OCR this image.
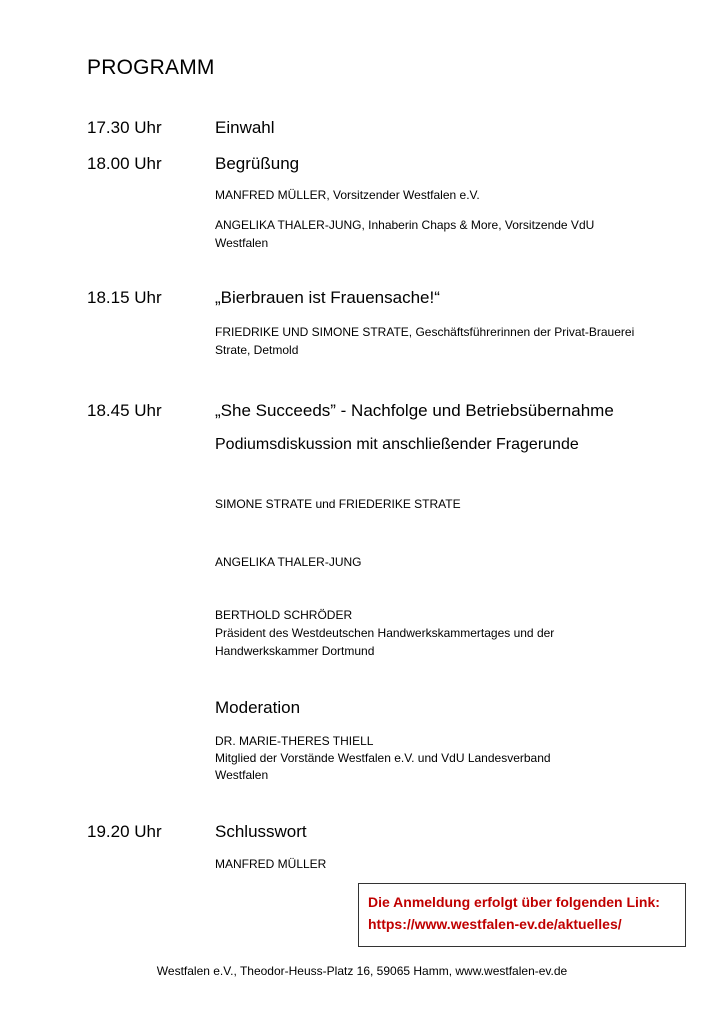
PROGRAMM
17.30 Uhr	Einwahl
18.00 Uhr	Begrüßung
MANFRED MÜLLER, Vorsitzender Westfalen e.V.
ANGELIKA THALER-JUNG, Inhaberin Chaps & More, Vorsitzende VdU
Westfalen
18.15 Uhr	„Bierbrauen ist Frauensache!“
FRIEDRIKE UND SIMONE STRATE, Geschäftsführerinnen der Privat-Brauerei
Strate, Detmold
18.45 Uhr	„She Succeeds” - Nachfolge und Betriebsübernahme
Podiumsdiskussion mit anschließender Fragerunde
SIMONE STRATE und FRIEDERIKE STRATE
ANGELIKA THALER-JUNG
BERTHOLD SCHRÖDER
Präsident des Westdeutschen Handwerkskammertages und der
Handwerkskammer Dortmund
Moderation
DR. MARIE-THERES THIELL
Mitglied der Vorstände Westfalen e.V. und VdU Landesverband
Westfalen
19.20 Uhr	Schlusswort
MANFRED MÜLLER
Die Anmeldung erfolgt über folgenden Link:
https://www.westfalen-ev.de/aktuelles/
Westfalen e.V., Theodor-Heuss-Platz 16, 59065 Hamm, www.westfalen-ev.de
